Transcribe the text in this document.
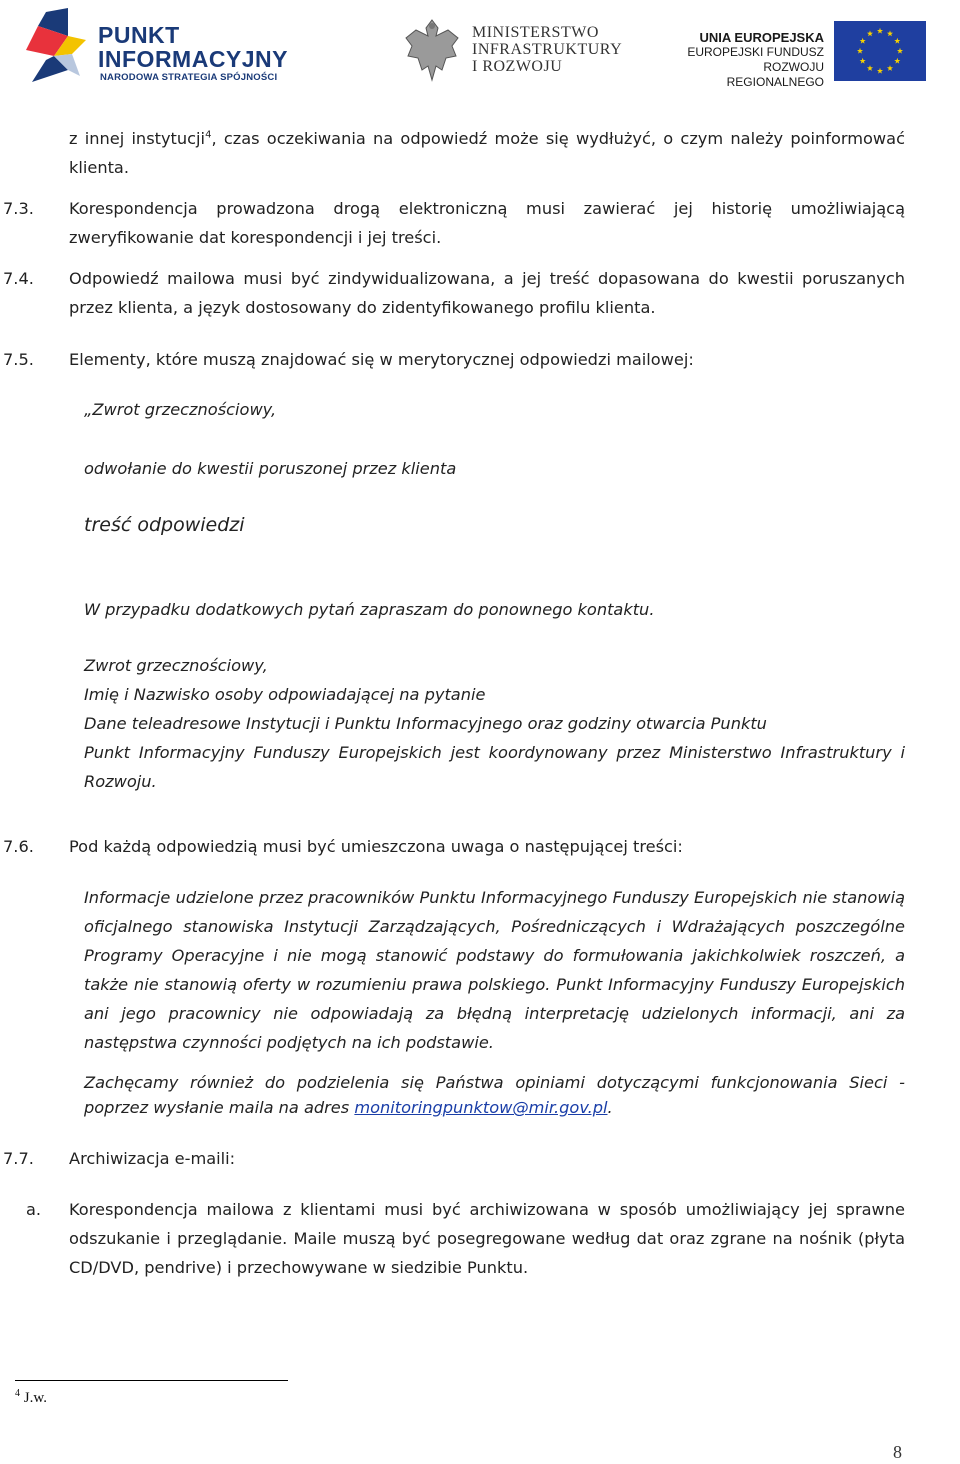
PUNKT INFORMACYJNY
NARODOWA STRATEGIA SPÓJNOŚCI
MINISTERSTWO
INFRASTRUKTURY
I ROZWOJU
UNIA EUROPEJSKA
EUROPEJSKI FUNDUSZ
ROZWOJU REGIONALNEGO
z innej instytucji$^4$, czas oczekiwania na odpowiedź może się wydłużyć, o czym należy poinformować klienta.
7.3. Korespondencja prowadzona drogą elektroniczną musi zawierać jej historię umożliwiającą zweryfikowanie dat korespondencji i jej treści.
7.4. Odpowiedź mailowa musi być zindywidualizowana, a jej treść dopasowana do kwestii poruszanych przez klienta, a język dostosowany do zidentyfikowanego profilu klienta.
7.5. Elementy, które muszą znajdować się w merytorycznej odpowiedzi mailowej:
„Zwrot grzecznościowy,
odwołanie do kwestii poruszonej przez klienta
treść odpowiedzi
W przypadku dodatkowych pytań zapraszam do ponownego kontaktu.
Zwrot grzecznościowy,
Imię i Nazwisko osoby odpowiadającej na pytanie
Dane teleadresowe Instytucji i Punktu Informacyjnego oraz godziny otwarcia Punktu
Punkt Informacyjny Funduszy Europejskich jest koordynowany przez Ministerstwo Infrastruktury i Rozwoju.
7.6. Pod każdą odpowiedzią musi być umieszczona uwaga o następującej treści:
Informacje udzielone przez pracowników Punktu Informacyjnego Funduszy Europejskich nie stanowią oficjalnego stanowiska Instytucji Zarządzających, Pośredniczących i Wdrażających poszczególne Programy Operacyjne i nie mogą stanowić podstawy do formułowania jakichkolwiek roszczeń, a także nie stanowią oferty w rozumieniu prawa polskiego. Punkt Informacyjny Funduszy Europejskich ani jego pracownicy nie odpowiadają za błędną interpretację udzielonych informacji, ani za następstwa czynności podjętych na ich podstawie.
Zachęcamy również do podzielenia się Państwa opiniami dotyczącymi funkcjonowania Sieci - poprzez wysłanie maila na adres monitoringpunktow@mir.gov.pl.
7.7. Archiwizacja e-maili:
a. Korespondencja mailowa z klientami musi być archiwizowana w sposób umożliwiający jej sprawne odszukanie i przeglądanie. Maile muszą być posegregowane według dat oraz zgrane na nośnik (płyta CD/DVD, pendrive) i przechowywane w siedzibie Punktu.
$^4$ J.w.
8
